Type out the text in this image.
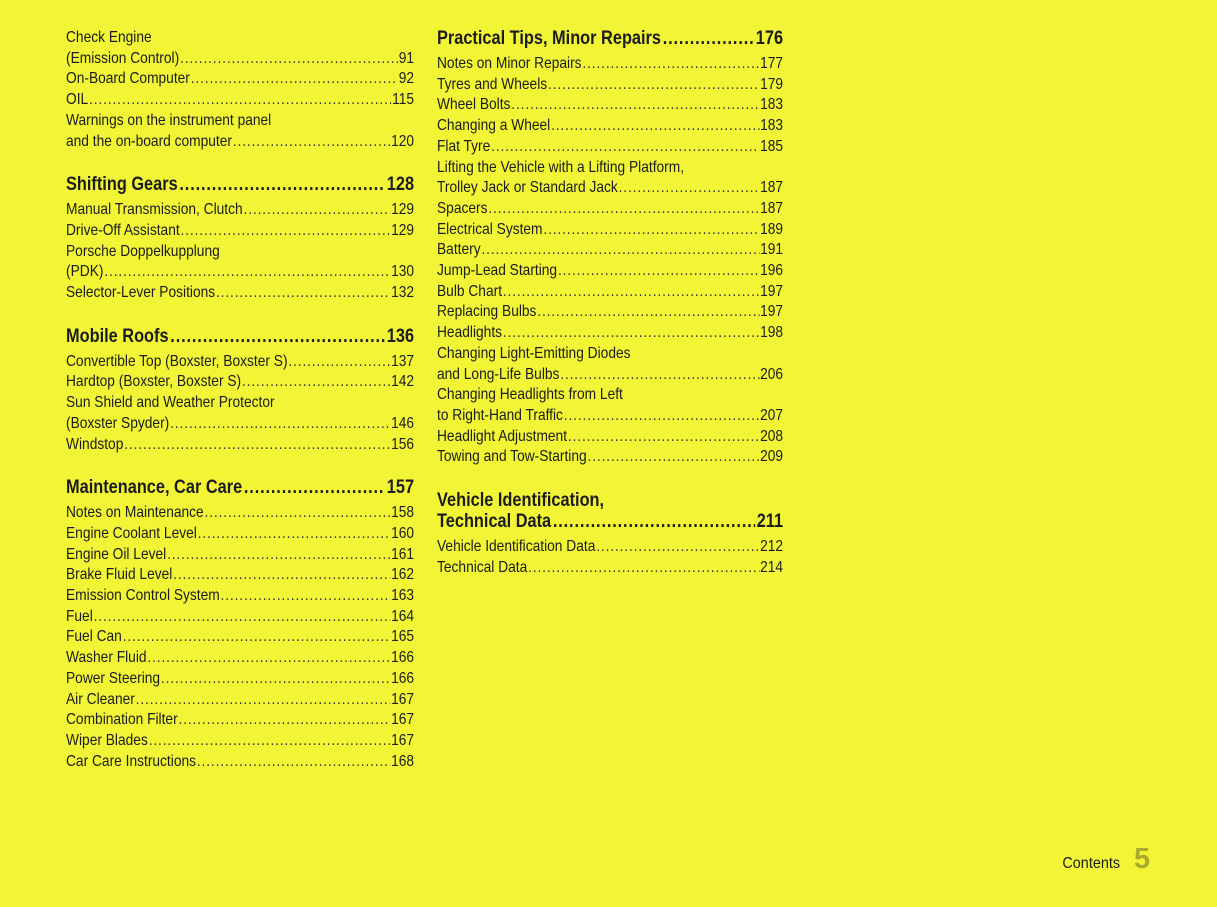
Check Engine
(Emission Control) .....	91
On-Board Computer .....	92
OIL .....	115
Warnings on the instrument panel
and the on-board computer .....	120
Shifting Gears .....	128
Manual Transmission, Clutch .....	129
Drive-Off Assistant .....	129
Porsche Doppelkupplung
(PDK) .....	130
Selector-Lever Positions .....	132
Mobile Roofs .....	136
Convertible Top (Boxster, Boxster S) .....	137
Hardtop (Boxster, Boxster S) .....	142
Sun Shield and Weather Protector
(Boxster Spyder) .....	146
Windstop .....	156
Maintenance, Car Care .....	157
Notes on Maintenance .....	158
Engine Coolant Level .....	160
Engine Oil Level .....	161
Brake Fluid Level .....	162
Emission Control System .....	163
Fuel .....	164
Fuel Can .....	165
Washer Fluid .....	166
Power Steering .....	166
Air Cleaner .....	167
Combination Filter .....	167
Wiper Blades .....	167
Car Care Instructions .....	168
Practical Tips, Minor Repairs .....	176
Notes on Minor Repairs .....	177
Tyres and Wheels .....	179
Wheel Bolts .....	183
Changing a Wheel .....	183
Flat Tyre .....	185
Lifting the Vehicle with a Lifting Platform,
Trolley Jack or Standard Jack .....	187
Spacers .....	187
Electrical System .....	189
Battery .....	191
Jump-Lead Starting .....	196
Bulb Chart .....	197
Replacing Bulbs .....	197
Headlights .....	198
Changing Light-Emitting Diodes
and Long-Life Bulbs .....	206
Changing Headlights from Left
to Right-Hand Traffic .....	207
Headlight Adjustment .....	208
Towing and Tow-Starting .....	209
Vehicle Identification,
Technical Data .....	211
Vehicle Identification Data .....	212
Technical Data .....	214
Contents 5
